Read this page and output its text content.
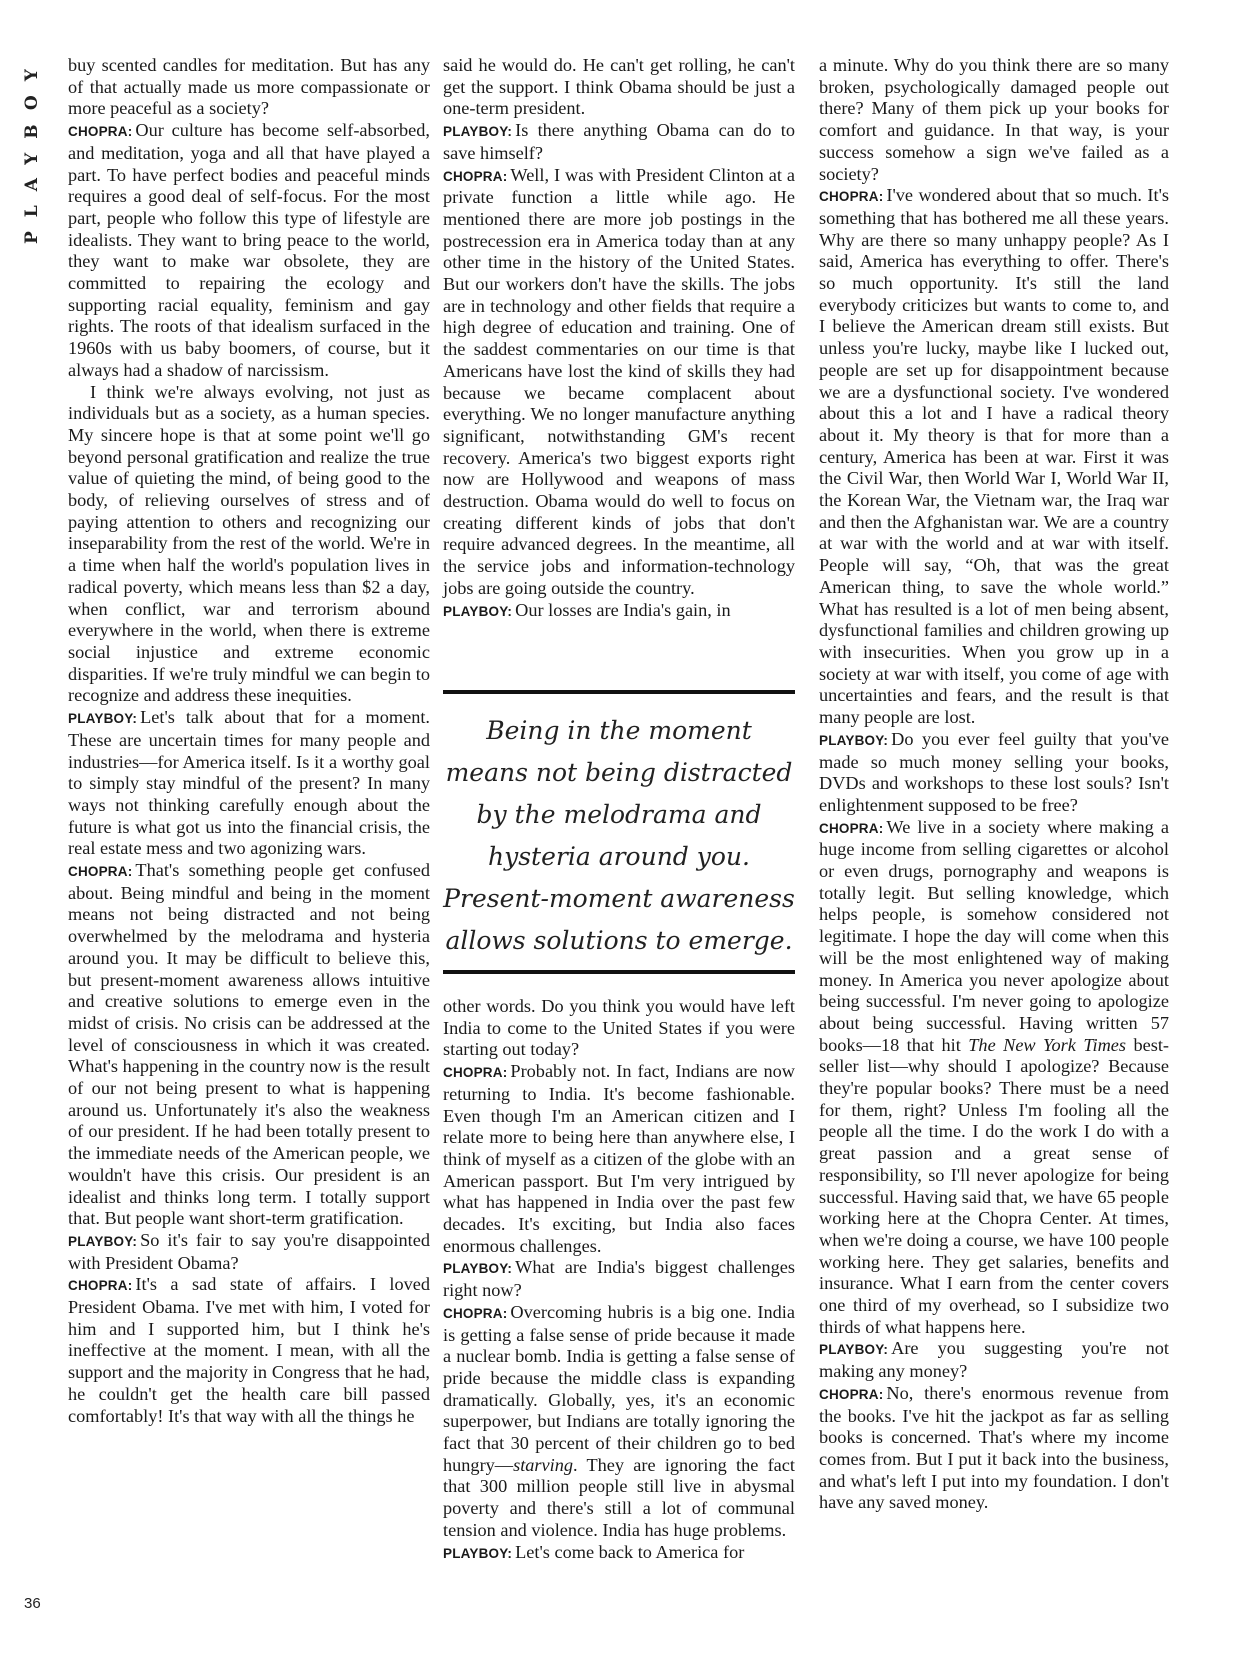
PLAYBOY buy scented candles for meditation. But has any of that actually made us more compassionate or more peaceful as a society?

CHOPRA: Our culture has become self-absorbed, and meditation, yoga and all that have played a part. To have perfect bodies and peaceful minds requires a good deal of self-focus. For the most part, people who follow this type of lifestyle are idealists. They want to bring peace to the world, they want to make war obsolete, they are committed to repairing the ecology and supporting racial equality, feminism and gay rights. The roots of that idealism surfaced in the 1960s with us baby boomers, of course, but it always had a shadow of narcissism.

I think we're always evolving, not just as individuals but as a society, as a human species. My sincere hope is that at some point we'll go beyond personal gratification and realize the true value of quieting the mind, of being good to the body, of relieving ourselves of stress and of paying attention to others and recognizing our inseparability from the rest of the world. We're in a time when half the world's population lives in radical poverty, which means less than $2 a day, when conflict, war and terrorism abound everywhere in the world, when there is extreme social injustice and extreme economic disparities. If we're truly mindful we can begin to recognize and address these inequities.

PLAYBOY: Let's talk about that for a moment. These are uncertain times for many people and industries—for America itself. Is it a worthy goal to simply stay mindful of the present? In many ways not thinking carefully enough about the future is what got us into the financial crisis, the real estate mess and two agonizing wars.

CHOPRA: That's something people get confused about. Being mindful and being in the moment means not being distracted and not being overwhelmed by the melodrama and hysteria around you. It may be difficult to believe this, but present-moment awareness allows intuitive and creative solutions to emerge even in the midst of crisis. No crisis can be addressed at the level of consciousness in which it was created. What's happening in the country now is the result of our not being present to what is happening around us. Unfortunately it's also the weakness of our president. If he had been totally present to the immediate needs of the American people, we wouldn't have this crisis. Our president is an idealist and thinks long term. I totally support that. But people want short-term gratification.

PLAYBOY: So it's fair to say you're disappointed with President Obama?

CHOPRA: It's a sad state of affairs. I loved President Obama. I've met with him, I voted for him and I supported him, but I think he's ineffective at the moment. I mean, with all the support and the majority in Congress that he had, he couldn't get the health care bill passed comfortably! It's that way with all the things he

said he would do. He can't get rolling, he can't get the support. I think Obama should be just a one-term president.

PLAYBOY: Is there anything Obama can do to save himself?

CHOPRA: Well, I was with President Clinton at a private function a little while ago. He mentioned there are more job postings in the postrecession era in America today than at any other time in the history of the United States. But our workers don't have the skills. The jobs are in technology and other fields that require a high degree of education and training. One of the saddest commentaries on our time is that Americans have lost the kind of skills they had because we became complacent about everything. We no longer manufacture anything significant, notwithstanding GM's recent recovery. America's two biggest exports right now are Hollywood and weapons of mass destruction. Obama would do well to focus on creating different kinds of jobs that don't require advanced degrees. In the meantime, all the service jobs and information-technology jobs are going outside the country.

PLAYBOY: Our losses are India's gain, in

Being in the moment means not being distracted by the melodrama and hysteria around you. Present-moment awareness allows solutions to emerge.

other words. Do you think you would have left India to come to the United States if you were starting out today?

CHOPRA: Probably not. In fact, Indians are now returning to India. It's become fashionable. Even though I'm an American citizen and I relate more to being here than anywhere else, I think of myself as a citizen of the globe with an American passport. But I'm very intrigued by what has happened in India over the past few decades. It's exciting, but India also faces enormous challenges.

PLAYBOY: What are India's biggest challenges right now?

CHOPRA: Overcoming hubris is a big one. India is getting a false sense of pride because it made a nuclear bomb. India is getting a false sense of pride because the middle class is expanding dramatically. Globally, yes, it's an economic superpower, but Indians are totally ignoring the fact that 30 percent of their children go to bed hungry—starving. They are ignoring the fact that 300 million people still live in abysmal poverty and there's still a lot of communal tension and violence. India has huge problems.

PLAYBOY: Let's come back to America for

a minute. Why do you think there are so many broken, psychologically damaged people out there? Many of them pick up your books for comfort and guidance. In that way, is your success somehow a sign we've failed as a society?

CHOPRA: I've wondered about that so much. It's something that has bothered me all these years. Why are there so many unhappy people? As I said, America has everything to offer. There's so much opportunity. It's still the land everybody criticizes but wants to come to, and I believe the American dream still exists. But unless you're lucky, maybe like I lucked out, people are set up for disappointment because we are a dysfunctional society. I've wondered about this a lot and I have a radical theory about it. My theory is that for more than a century, America has been at war. First it was the Civil War, then World War I, World War II, the Korean War, the Vietnam war, the Iraq war and then the Afghanistan war. We are a country at war with the world and at war with itself. People will say, “Oh, that was the great American thing, to save the whole world.” What has resulted is a lot of men being absent, dysfunctional families and children growing up with insecurities. When you grow up in a society at war with itself, you come of age with uncertainties and fears, and the result is that many people are lost.

PLAYBOY: Do you ever feel guilty that you've made so much money selling your books, DVDs and workshops to these lost souls? Isn't enlightenment supposed to be free?

CHOPRA: We live in a society where making a huge income from selling cigarettes or alcohol or even drugs, pornography and weapons is totally legit. But selling knowledge, which helps people, is somehow considered not legitimate. I hope the day will come when this will be the most enlightened way of making money. In America you never apologize about being successful. I'm never going to apologize about being successful. Having written 57 books—18 that hit The New York Times best-seller list—why should I apologize? Because they're popular books? There must be a need for them, right? Unless I'm fooling all the people all the time. I do the work I do with a great passion and a great sense of responsibility, so I'll never apologize for being successful. Having said that, we have 65 people working here at the Chopra Center. At times, when we're doing a course, we have 100 people working here. They get salaries, benefits and insurance. What I earn from the center covers one third of my overhead, so I subsidize two thirds of what happens here.

PLAYBOY: Are you suggesting you're not making any money?

CHOPRA: No, there's enormous revenue from the books. I've hit the jackpot as far as selling books is concerned. That's where my income comes from. But I put it back into the business, and what's left I put into my foundation. I don't have any saved money.

36
